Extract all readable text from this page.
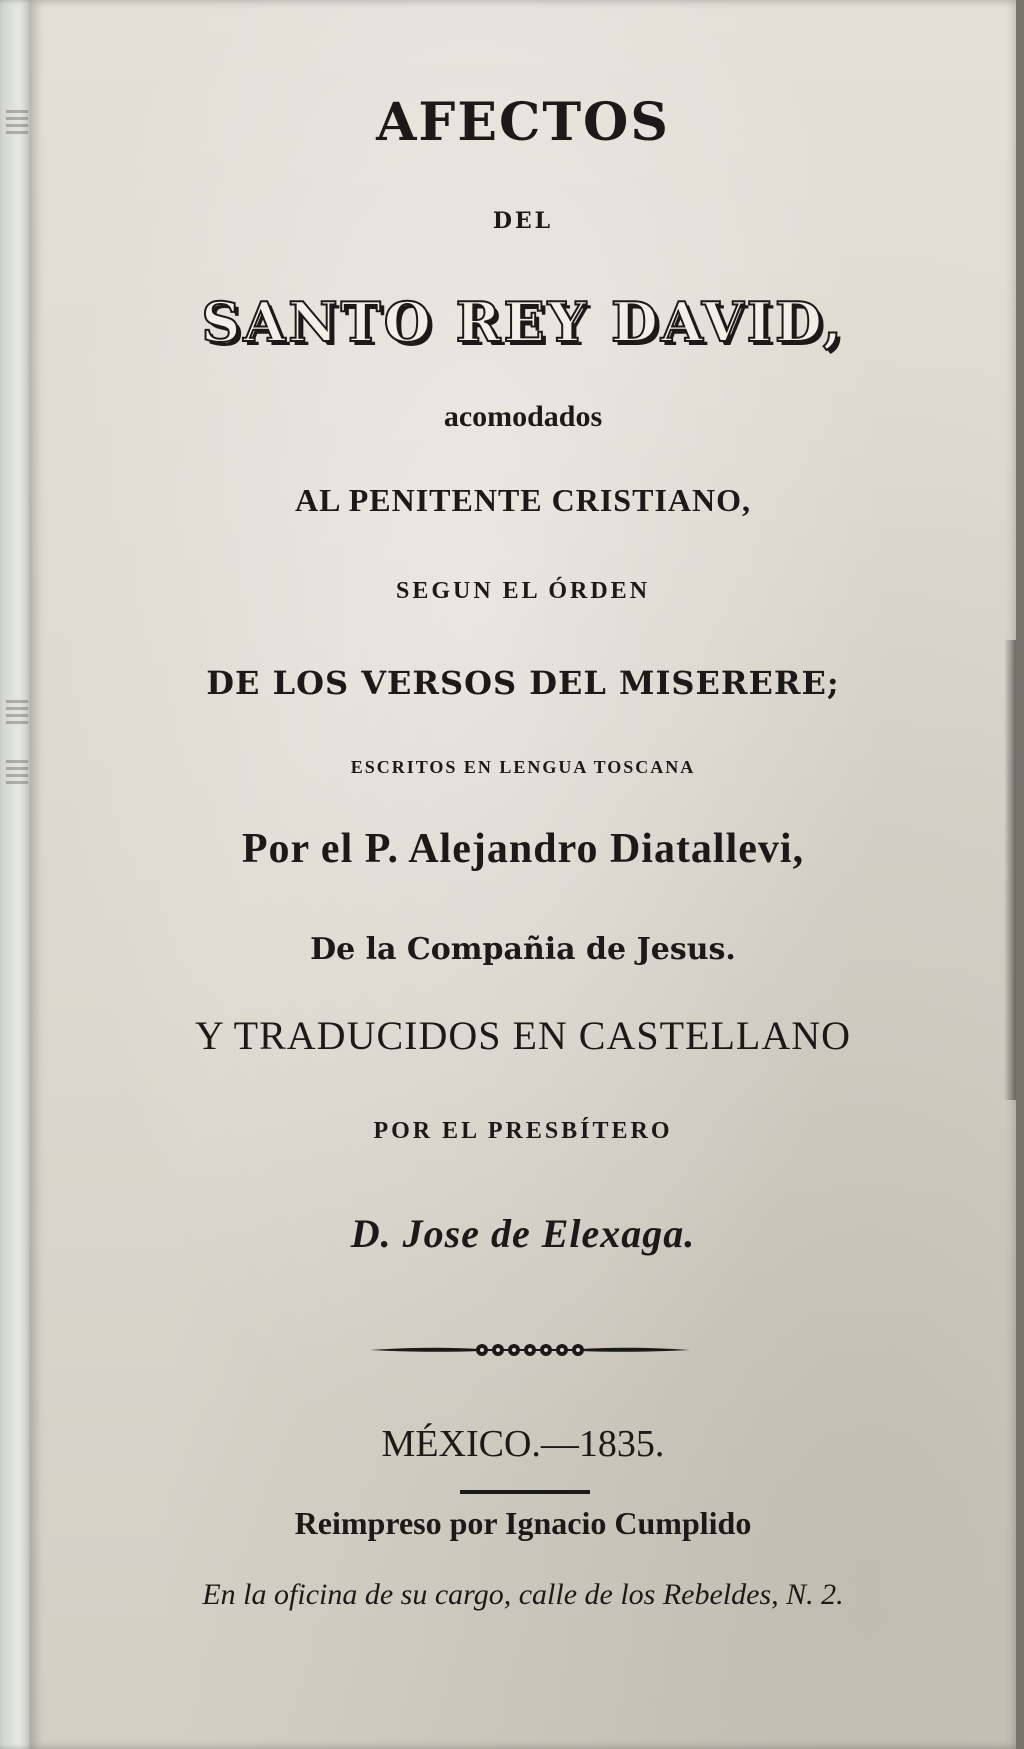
AFECTOS

DEL

SANTO REY DAVID,

acomodados

AL PENITENTE CRISTIANO,

SEGUN EL ÓRDEN

DE LOS VERSOS DEL MISERERE;

ESCRITOS EN LENGUA TOSCANA

Por el P. Alejandro Diatallevi,

De la Compañia de Jesus.

Y TRADUCIDOS EN CASTELLANO

POR EL PRESBÍTERO

D. Jose de Elexaga.

MÉXICO.—1835.

Reimpreso por Ignacio Cumplido

En la oficina de su cargo, calle de los Rebeldes, N. 2.
